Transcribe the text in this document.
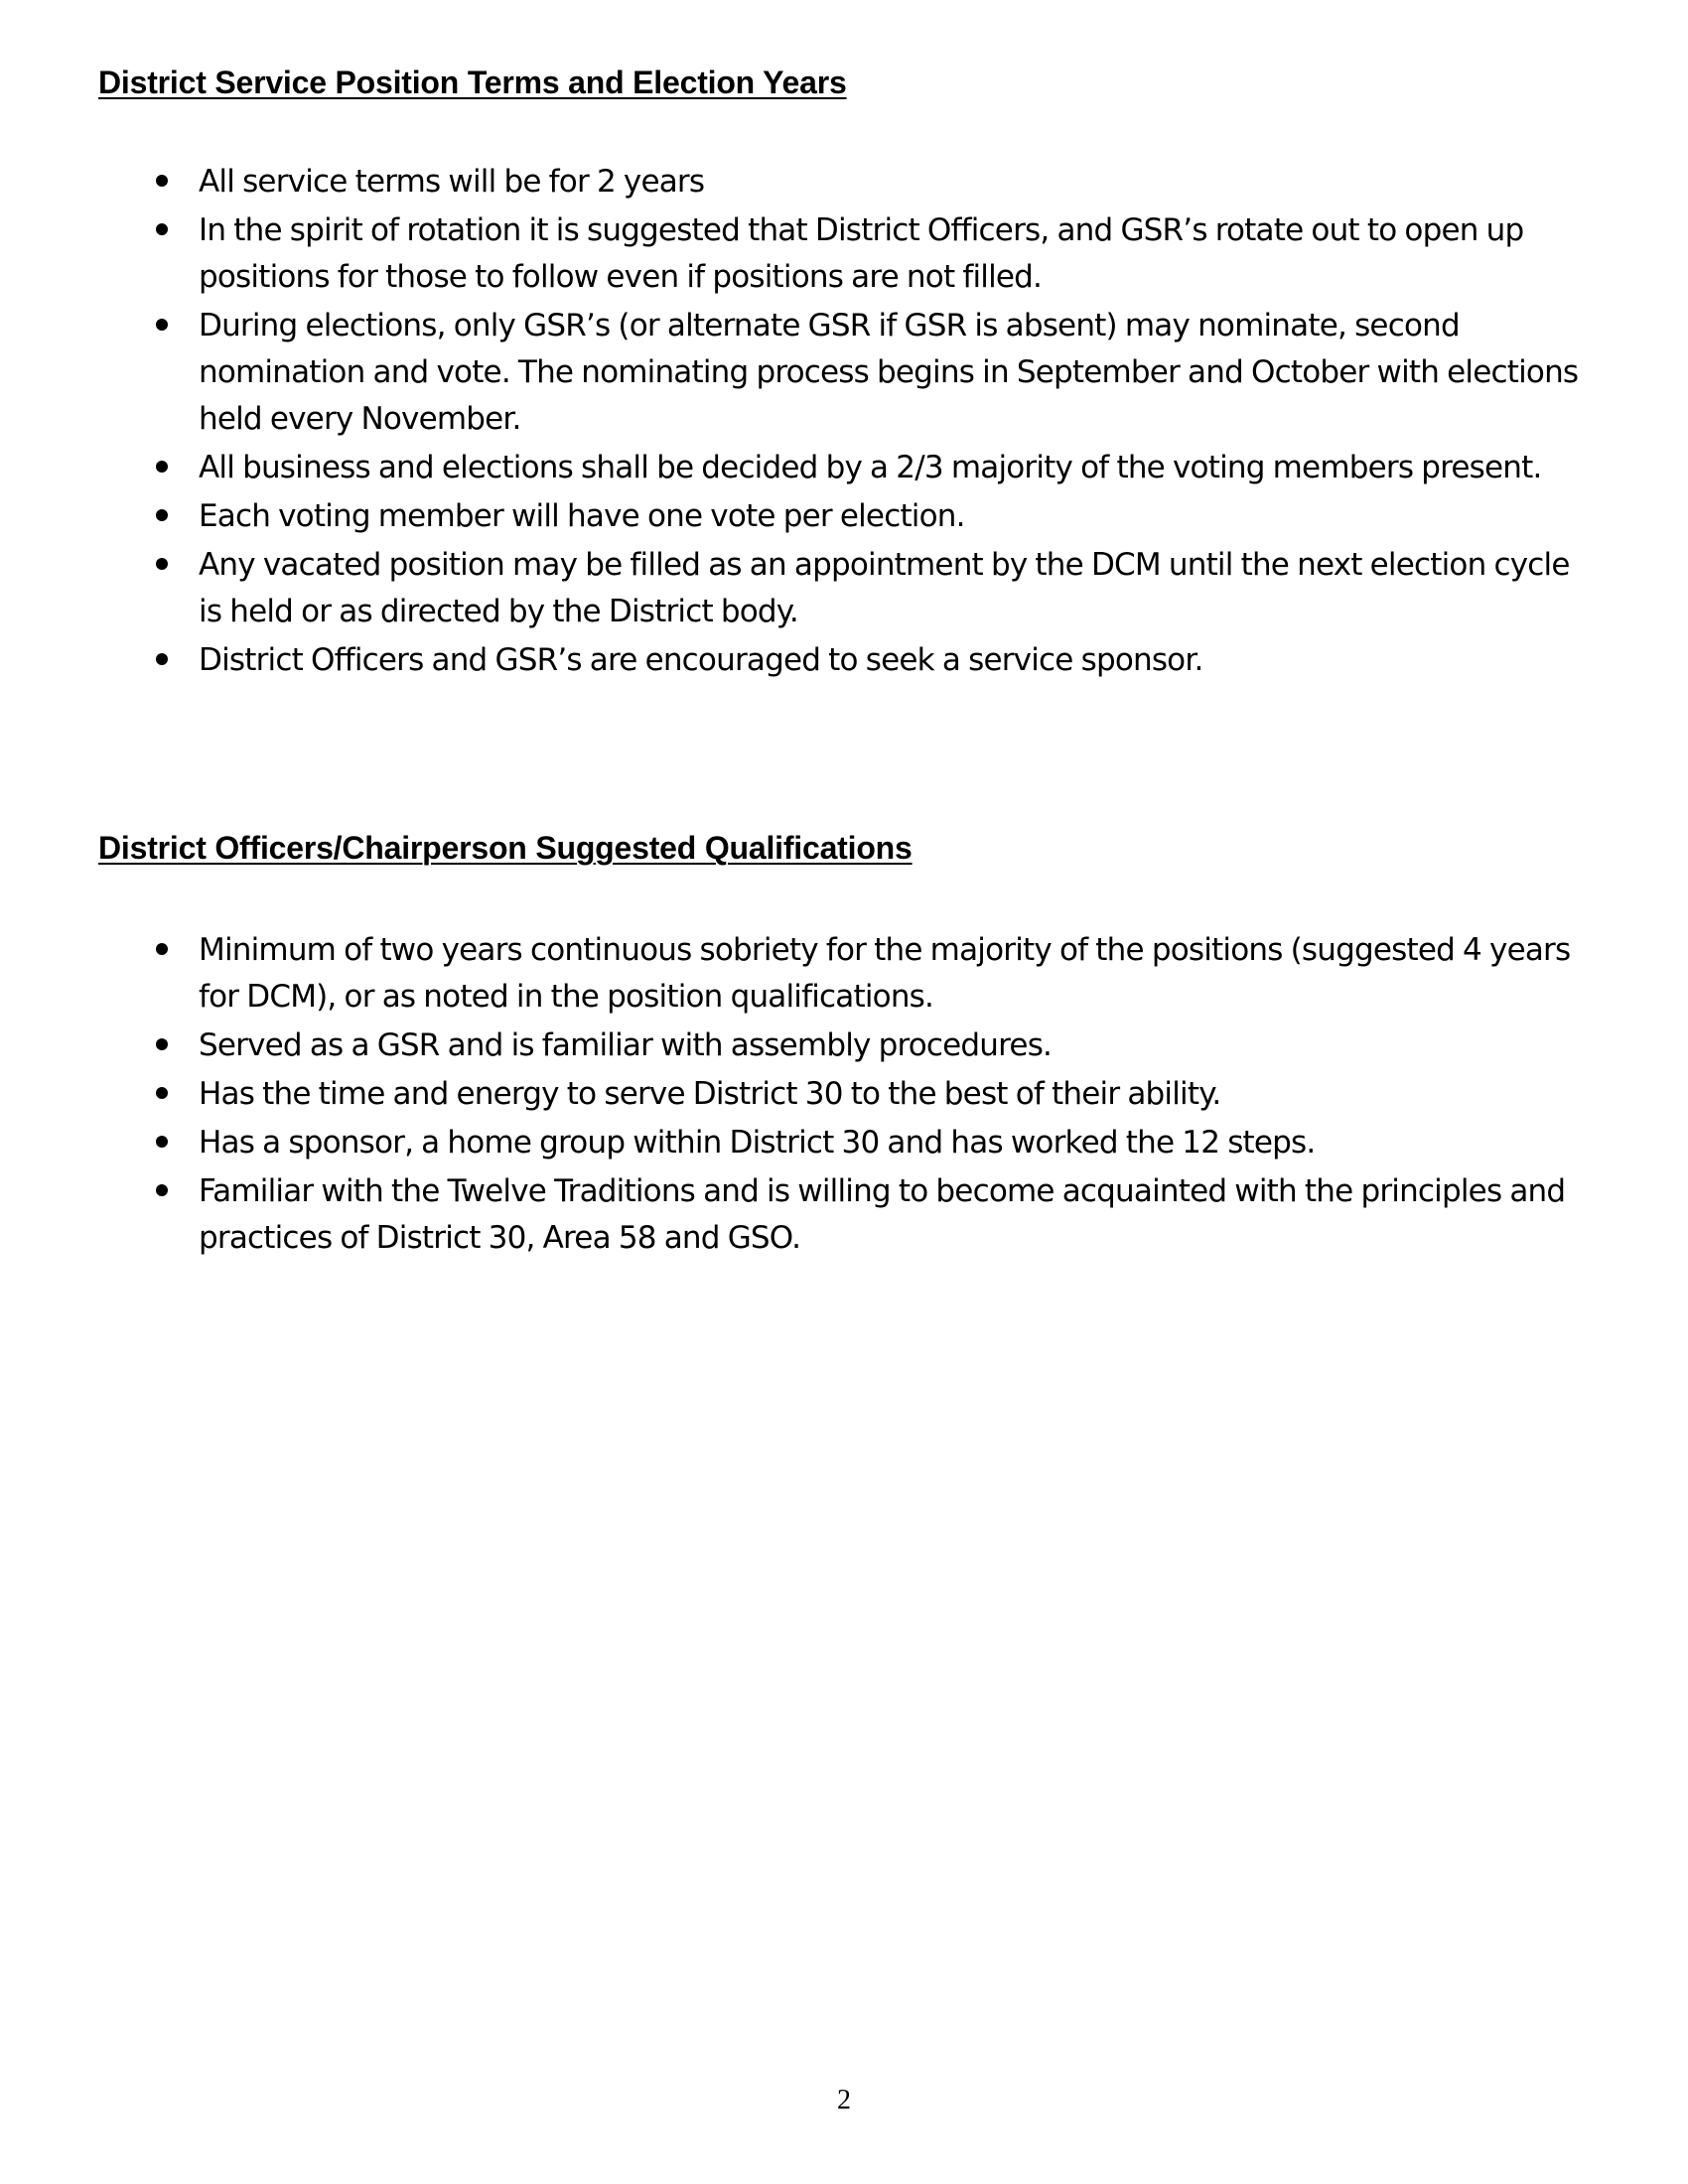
District Service Position Terms and Election Years
All service terms will be for 2 years
In the spirit of rotation it is suggested that District Officers, and GSR’s rotate out to open up positions for those to follow even if positions are not filled.
During elections, only GSR’s (or alternate GSR if GSR is absent) may nominate, second nomination and vote. The nominating process begins in September and October with elections held every November.
All business and elections shall be decided by a 2/3 majority of the voting members present.
Each voting member will have one vote per election.
Any vacated position may be filled as an appointment by the DCM until the next election cycle is held or as directed by the District body.
District Officers and GSR’s are encouraged to seek a service sponsor.
District Officers/Chairperson Suggested Qualifications
Minimum of two years continuous sobriety for the majority of the positions (suggested 4 years for DCM), or as noted in the position qualifications.
Served as a GSR and is familiar with assembly procedures.
Has the time and energy to serve District 30 to the best of their ability.
Has a sponsor, a home group within District 30 and has worked the 12 steps.
Familiar with the Twelve Traditions and is willing to become acquainted with the principles and practices of District 30, Area 58 and GSO.
2
